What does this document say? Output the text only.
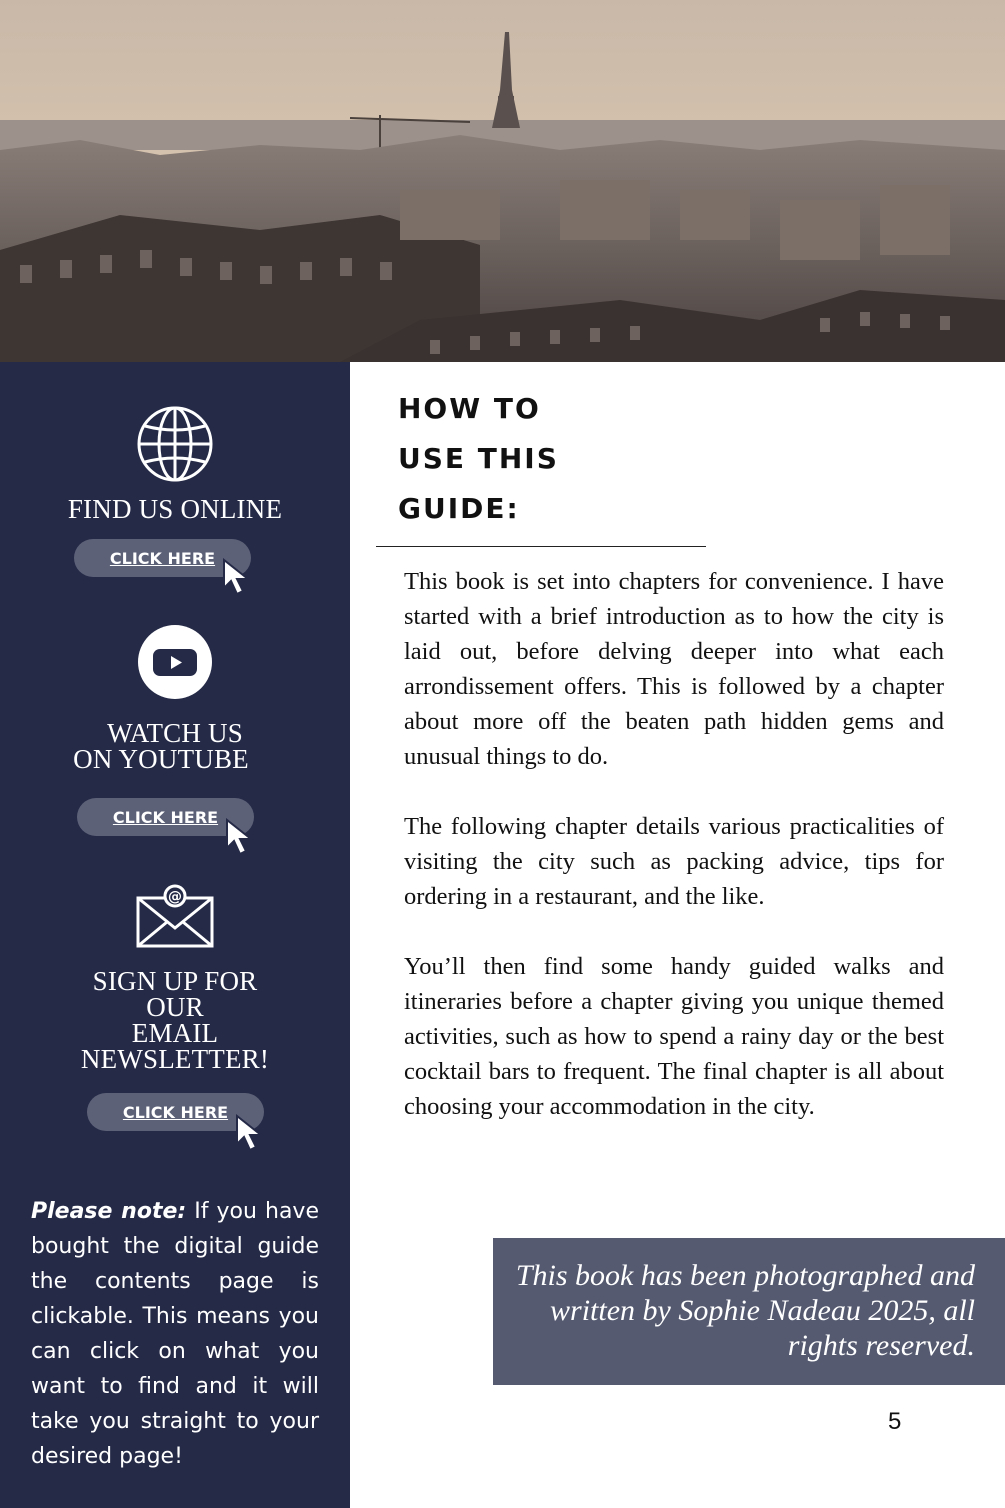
FIND US ONLINE
CLICK HERE
WATCH US
ON YOUTUBE
CLICK HERE
@
SIGN UP FOR
OUR
EMAIL
NEWSLETTER!
CLICK HERE
Please note: If you have bought the digital guide the contents page is clickable. This means you can click on what you want to find and it will take you straight to your desired page!
HOW TO
USE THIS
GUIDE:

This book is set into chapters for convenience. I have started with a brief introduction as to how the city is laid out, before delving deeper into what each arrondissement offers. This is followed by a chapter about more off the beaten path hidden gems and unusual things to do.

The following chapter details various practicalities of visiting the city such as packing advice, tips for ordering in a restaurant, and the like.

You’ll then find some handy guided walks and itineraries before a chapter giving you unique themed activities, such as how to spend a rainy day or the best cocktail bars to frequent. The final chapter is all about choosing your accommodation in the city.

This book has been photographed and written by Sophie Nadeau 2025, all rights reserved.
5
